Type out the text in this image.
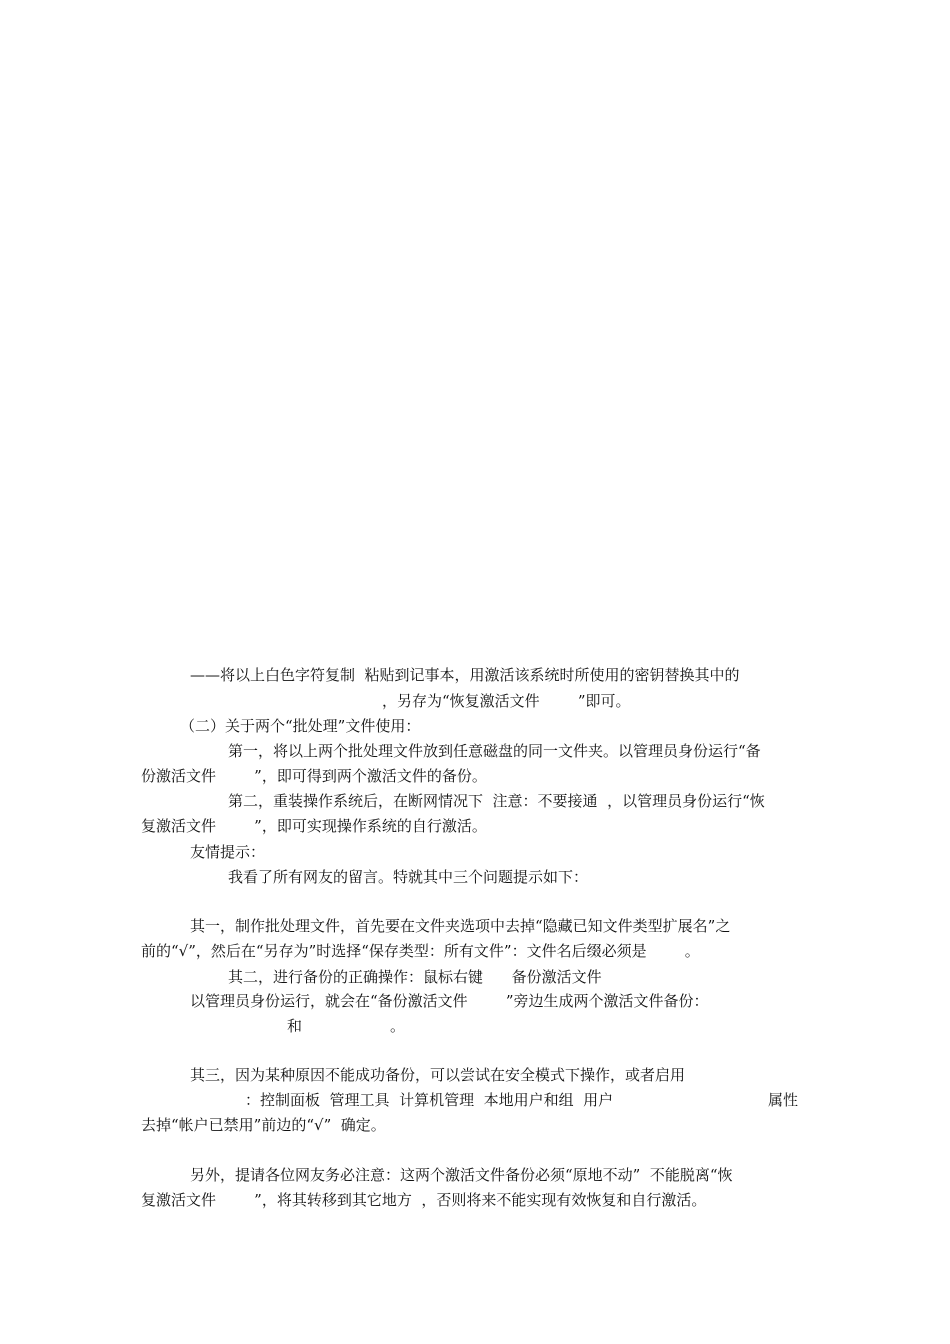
——将以上白色字符复制  粘贴到记事本，用激活该系统时所使用的密钥替换其中的
，另存为“恢复激活文件        ”即可。
（二）关于两个“批处理”文件使用：
第一，将以上两个批处理文件放到任意磁盘的同一文件夹。以管理员身份运行“备
份激活文件        ”，即可得到两个激活文件的备份。
第二，重装操作系统后，在断网情况下  注意：不要接通  ，以管理员身份运行“恢
复激活文件        ”，即可实现操作系统的自行激活。
友情提示：
我看了所有网友的留言。特就其中三个问题提示如下：
其一，制作批处理文件，首先要在文件夹选项中去掉“隐藏已知文件类型扩展名”之
前的“√”，然后在“另存为”时选择“保存类型：所有文件”：文件名后缀必须是        。
其二，进行备份的正确操作：鼠标右键      备份激活文件
以管理员身份运行，就会在“备份激活文件        ”旁边生成两个激活文件备份：
和	。
其三，因为某种原因不能成功备份，可以尝试在安全模式下操作，或者启用
：控制面板  管理工具  计算机管理  本地用户和组  用户	属性
去掉“帐户已禁用”前边的“√”  确定。
另外，提请各位网友务必注意：这两个激活文件备份必须“原地不动”  不能脱离“恢
复激活文件        ”，将其转移到其它地方  ，否则将来不能实现有效恢复和自行激活。
